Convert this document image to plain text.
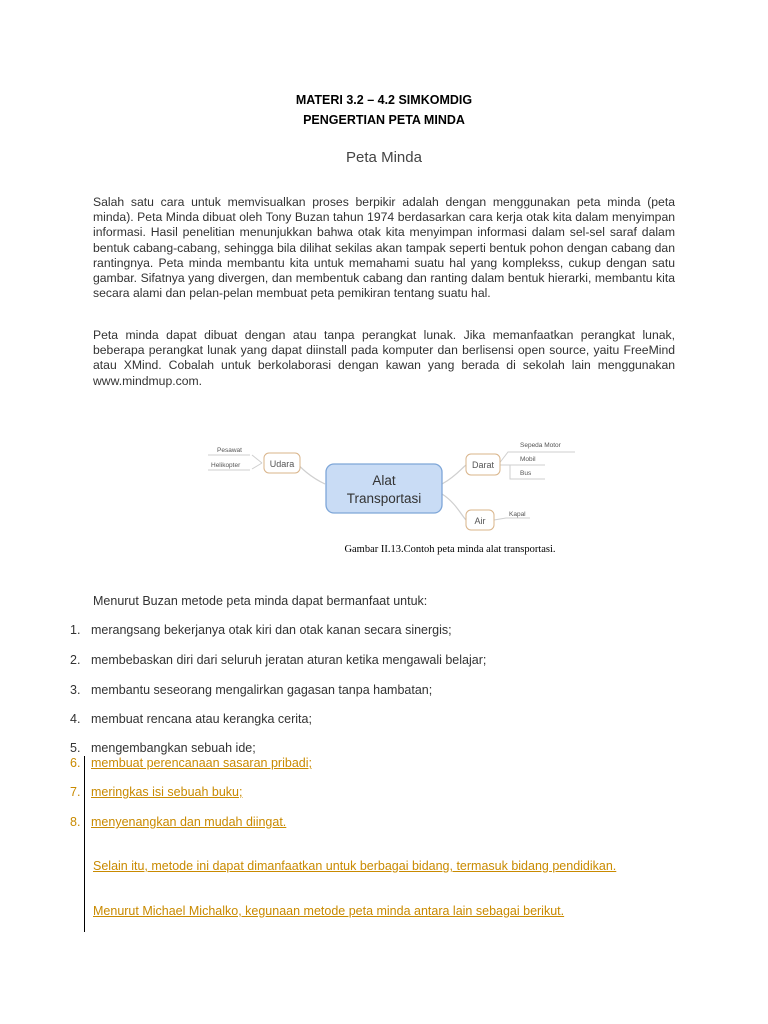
MATERI 3.2 – 4.2 SIMKOMDIG
PENGERTIAN PETA MINDA
Peta Minda
Salah satu cara untuk memvisualkan proses berpikir adalah dengan menggunakan peta minda (peta minda). Peta Minda dibuat oleh Tony Buzan tahun 1974 berdasarkan cara kerja otak kita dalam menyimpan informasi. Hasil penelitian menunjukkan bahwa otak kita menyimpan informasi dalam sel-sel saraf dalam bentuk cabang-cabang, sehingga bila dilihat sekilas akan tampak seperti bentuk pohon dengan cabang dan rantingnya. Peta minda membantu kita untuk memahami suatu hal yang komplekss, cukup dengan satu gambar. Sifatnya yang divergen, dan membentuk cabang dan ranting dalam bentuk hierarki, membantu kita secara alami dan pelan-pelan membuat peta pemikiran tentang suatu hal.
Peta minda dapat dibuat dengan atau tanpa perangkat lunak. Jika memanfaatkan perangkat lunak, beberapa perangkat lunak yang dapat diinstall pada komputer dan berlisensi open source, yaitu FreeMind atau XMind. Cobalah untuk berkolaborasi dengan kawan yang berada di sekolah lain menggunakan www.mindmup.com.
Alat
Transportasi
Udara
Pesawat
Helikopter	Darat
Sepeda Motor
Mobil
Bus
Air
Kapal
Gambar II.13.Contoh peta minda alat transportasi.
Menurut Buzan metode peta minda dapat bermanfaat untuk:
1. merangsang bekerjanya otak kiri dan otak kanan secara sinergis;
2. membebaskan diri dari seluruh jeratan aturan ketika mengawali belajar;
3. membantu seseorang mengalirkan gagasan tanpa hambatan;
4. membuat rencana atau kerangka cerita;
5. mengembangkan sebuah ide;
6. membuat perencanaan sasaran pribadi;
7. meringkas isi sebuah buku;
8. menyenangkan dan mudah diingat.
Selain itu, metode ini dapat dimanfaatkan untuk berbagai bidang, termasuk bidang pendidikan.
Menurut Michael Michalko, kegunaan metode peta minda antara lain sebagai berikut.
